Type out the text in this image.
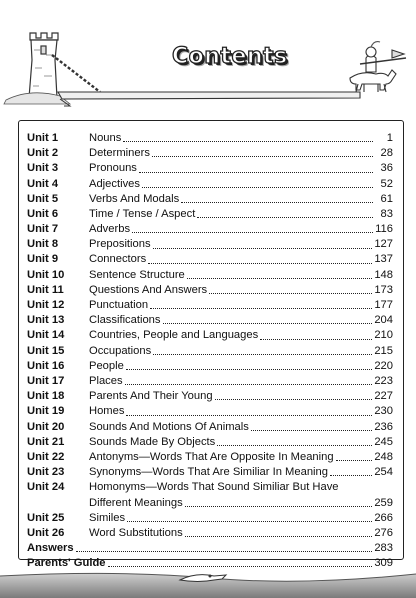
Contents
Unit 1	Nouns	1
Unit 2	Determiners	28
Unit 3	Pronouns	36
Unit 4	Adjectives	52
Unit 5	Verbs And Modals	61
Unit 6	Time / Tense / Aspect	83
Unit 7	Adverbs	116
Unit 8	Prepositions	127
Unit 9	Connectors	137
Unit 10	Sentence Structure	148
Unit 11	Questions And Answers	173
Unit 12	Punctuation	177
Unit 13	Classifications	204
Unit 14	Countries, People and Languages	210
Unit 15	Occupations	215
Unit 16	People	220
Unit 17	Places	223
Unit 18	Parents And Their Young	227
Unit 19	Homes	230
Unit 20	Sounds And Motions Of Animals	236
Unit 21	Sounds Made By Objects	245
Unit 22	Antonyms—Words That Are Opposite In Meaning	248
Unit 23	Synonyms—Words That Are Similiar In Meaning	254
Unit 24	Homonyms—Words That Sound Similiar But Have
Different Meanings	259
Unit 25	Similes	266
Unit 26	Word Substitutions	276
Answers	283
Parents' Guide	309
